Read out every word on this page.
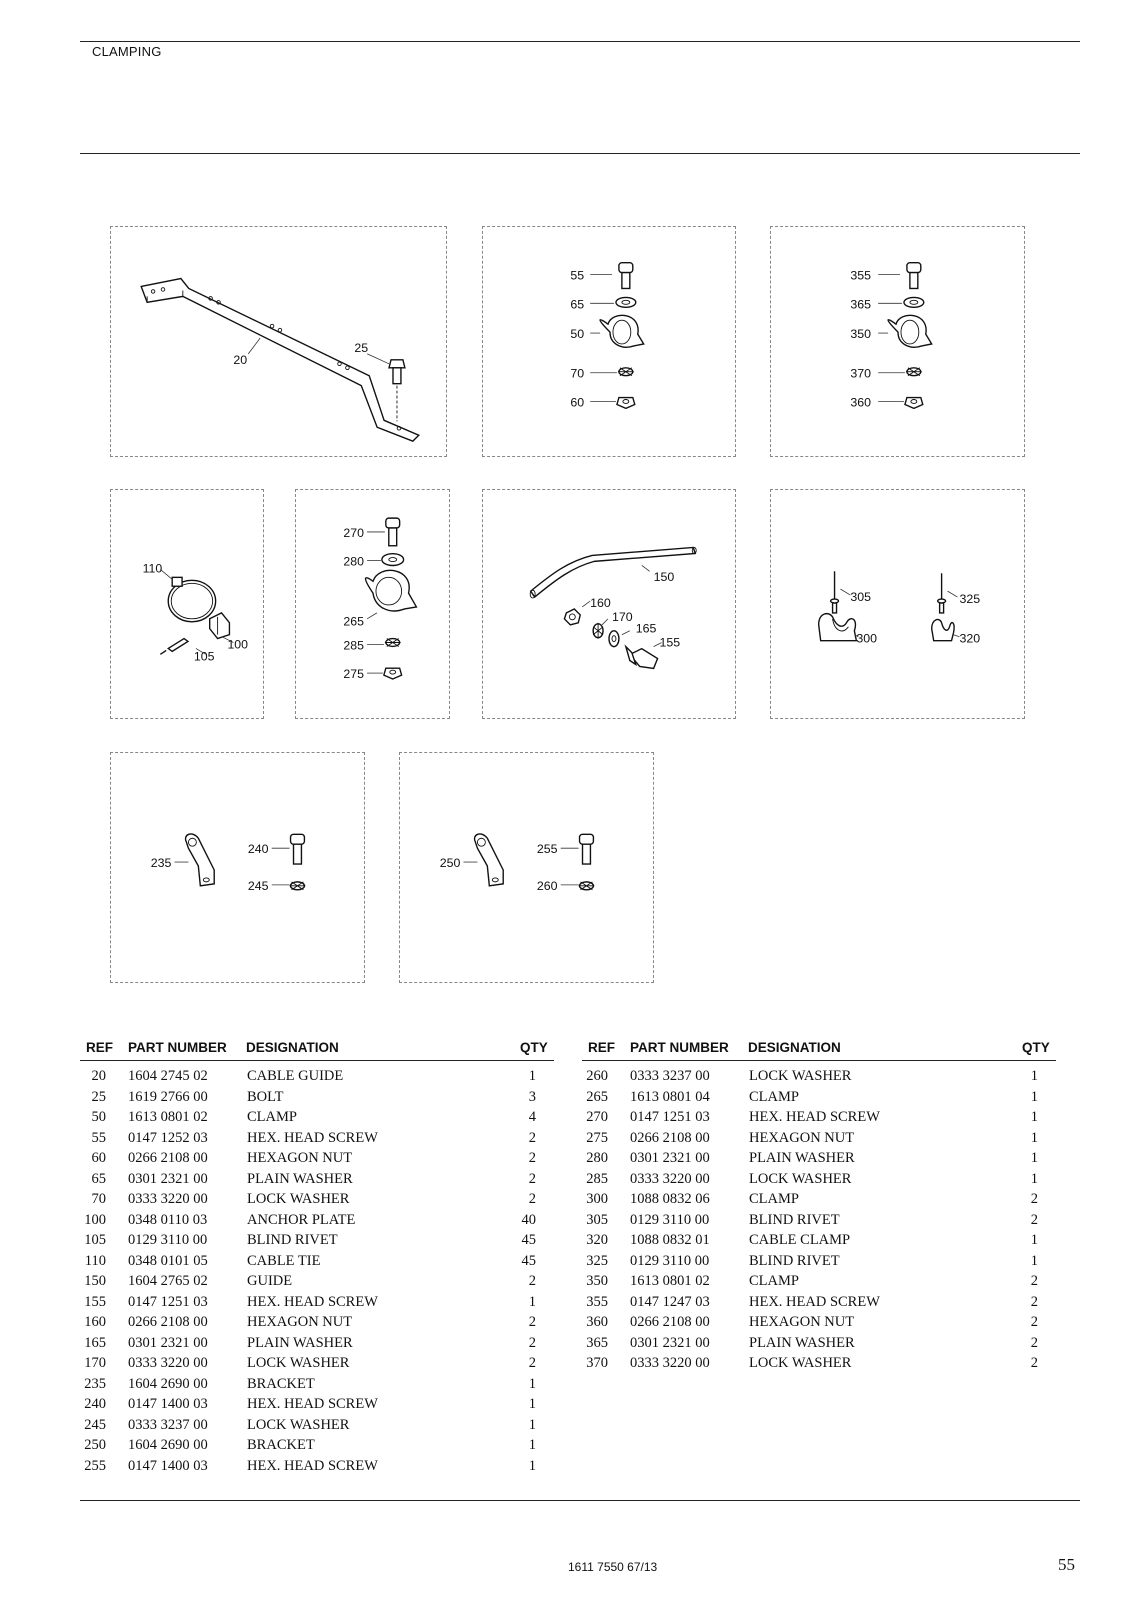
CLAMPING
20
25
55
65
50
70
60
355
365
350
370
360
110
100
105
270
280
265
285
275
150
160
170
165
155
305
300
325
320
235
240
245
250
255
260
REF PART NUMBER DESIGNATION	QTY
20 1604 2745 02	CABLE GUIDE	1
25 1619 2766 00	BOLT	3
50 1613 0801 02	CLAMP	4
55 0147 1252 03	HEX. HEAD SCREW	2
60 0266 2108 00	HEXAGON NUT	2
65 0301 2321 00	PLAIN WASHER	2
70 0333 3220 00	LOCK WASHER	2
100 0348 0110 03	ANCHOR PLATE	40
105 0129 3110 00	BLIND RIVET	45
110 0348 0101 05	CABLE TIE	45
150 1604 2765 02	GUIDE	2
155 0147 1251 03	HEX. HEAD SCREW	1
160 0266 2108 00	HEXAGON NUT	2
165 0301 2321 00	PLAIN WASHER	2
170 0333 3220 00	LOCK WASHER	2
235 1604 2690 00	BRACKET	1
240 0147 1400 03	HEX. HEAD SCREW	1
245 0333 3237 00	LOCK WASHER	1
250 1604 2690 00	BRACKET	1
255 0147 1400 03	HEX. HEAD SCREW	1
REF PART NUMBER DESIGNATION	QTY
260 0333 3237 00	LOCK WASHER	1
265 1613 0801 04	CLAMP	1
270 0147 1251 03	HEX. HEAD SCREW	1
275 0266 2108 00	HEXAGON NUT	1
280 0301 2321 00	PLAIN WASHER	1
285 0333 3220 00	LOCK WASHER	1
300 1088 0832 06	CLAMP	2
305 0129 3110 00	BLIND RIVET	2
320 1088 0832 01	CABLE CLAMP	1
325 0129 3110 00	BLIND RIVET	1
350 1613 0801 02	CLAMP	2
355 0147 1247 03	HEX. HEAD SCREW	2
360 0266 2108 00	HEXAGON NUT	2
365 0301 2321 00	PLAIN WASHER	2
370 0333 3220 00	LOCK WASHER	2
1611 7550 67/13	55
